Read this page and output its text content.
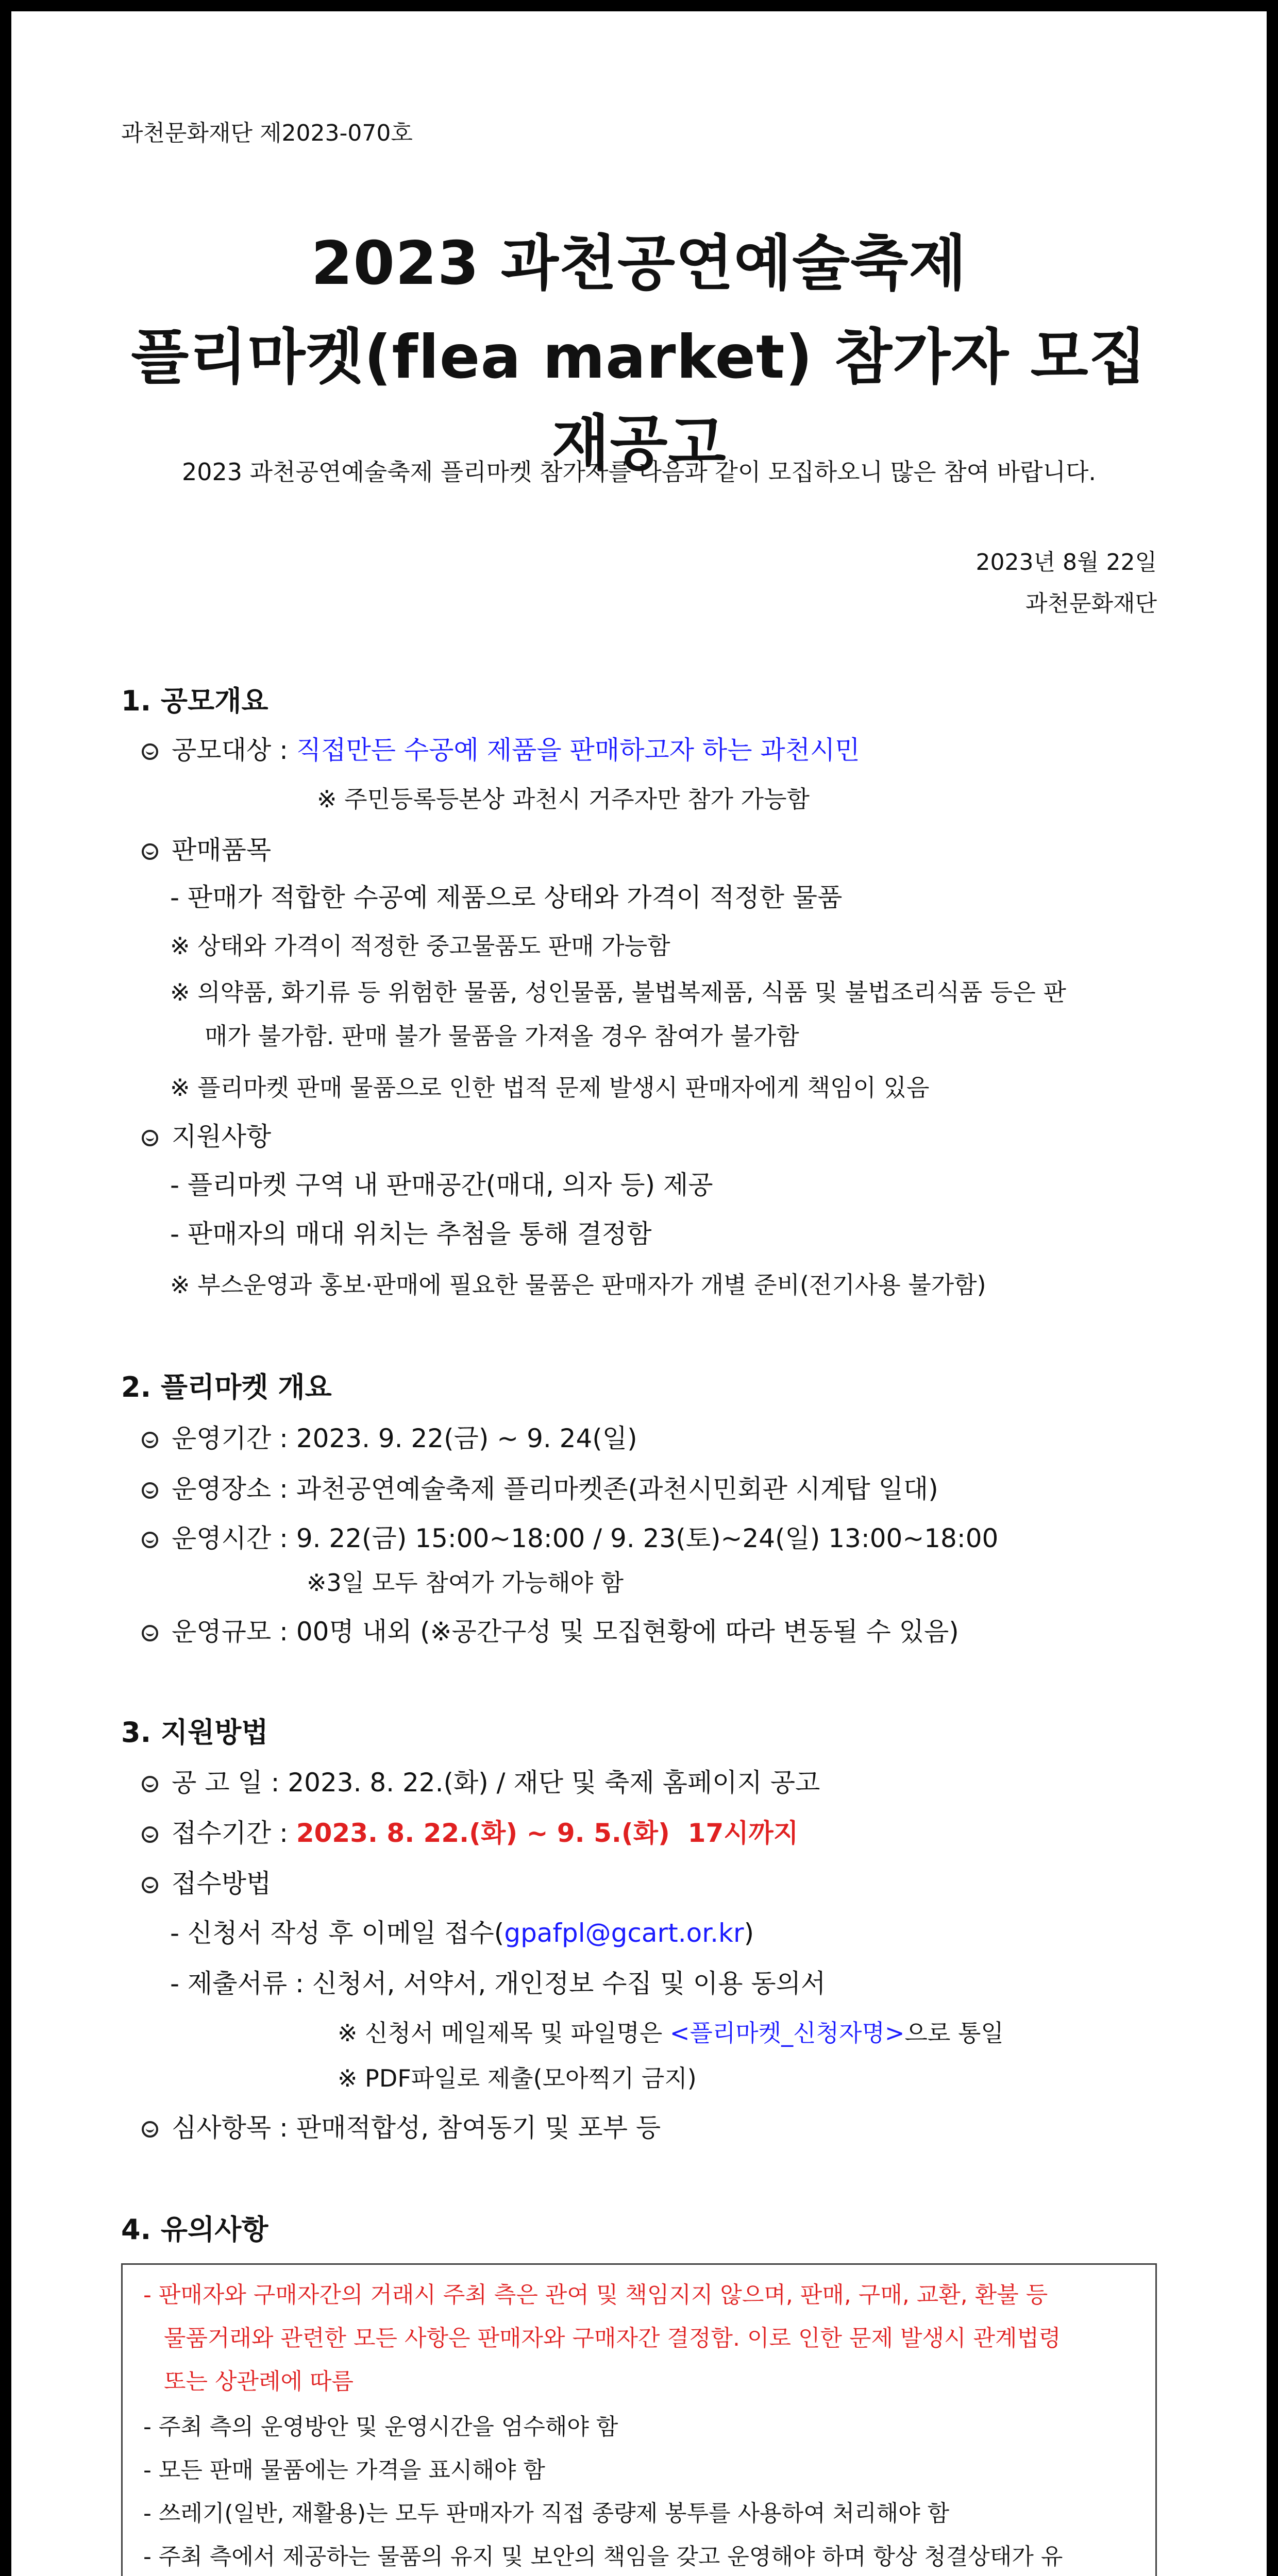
과천문화재단 제2023-070호
2023 과천공연예술축제
플리마켓(flea market) 참가자 모집 재공고
2023 과천공연예술축제 플리마켓 참가자를 다음과 같이 모집하오니 많은 참여 바랍니다.
2023년 8월 22일
과천문화재단
1. 공모개요
공모대상 : 직접만든 수공예 제품을 판매하고자 하는 과천시민
※ 주민등록등본상 과천시 거주자만 참가 가능함
판매품목
- 판매가 적합한 수공예 제품으로 상태와 가격이 적정한 물품
※ 상태와 가격이 적정한 중고물품도 판매 가능함
※ 의약품, 화기류 등 위험한 물품, 성인물품, 불법복제품, 식품 및 불법조리식품 등은 판
매가 불가함. 판매 불가 물품을 가져올 경우 참여가 불가함
※ 플리마켓 판매 물품으로 인한 법적 문제 발생시 판매자에게 책임이 있음
지원사항
- 플리마켓 구역 내 판매공간(매대, 의자 등) 제공
- 판매자의 매대 위치는 추첨을 통해 결정함
※ 부스운영과 홍보·판매에 필요한 물품은 판매자가 개별 준비(전기사용 불가함)
2. 플리마켓 개요
운영기간 : 2023. 9. 22(금) ~ 9. 24(일)
운영장소 : 과천공연예술축제 플리마켓존(과천시민회관 시계탑 일대)
운영시간 : 9. 22(금) 15:00~18:00 / 9. 23(토)~24(일) 13:00~18:00
※3일 모두 참여가 가능해야 함
운영규모 : 00명 내외 (※공간구성 및 모집현황에 따라 변동될 수 있음)
3. 지원방법
공 고 일 : 2023. 8. 22.(화) / 재단 및 축제 홈페이지 공고
접수기간 : 2023. 8. 22.(화) ~ 9. 5.(화)  17시까지
접수방법
- 신청서 작성 후 이메일 접수(gpafpl@gcart.or.kr)
- 제출서류 : 신청서, 서약서, 개인정보 수집 및 이용 동의서
※ 신청서 메일제목 및 파일명은 <플리마켓_신청자명>으로 통일
※ PDF파일로 제출(모아찍기 금지)
심사항목 : 판매적합성, 참여동기 및 포부 등
4. 유의사항
- 판매자와 구매자간의 거래시 주최 측은 관여 및 책임지지 않으며, 판매, 구매, 교환, 환불 등
물품거래와 관련한 모든 사항은 판매자와 구매자간 결정함. 이로 인한 문제 발생시 관계법령
또는 상관례에 따름
- 주최 측의 운영방안 및 운영시간을 엄수해야 함
- 모든 판매 물품에는 가격을 표시해야 함
- 쓰레기(일반, 재활용)는 모두 판매자가 직접 종량제 봉투를 사용하여 처리해야 함
- 주최 측에서 제공하는 물품의 유지 및 보안의 책임을 갖고 운영해야 하며 항상 청결상태가 유
